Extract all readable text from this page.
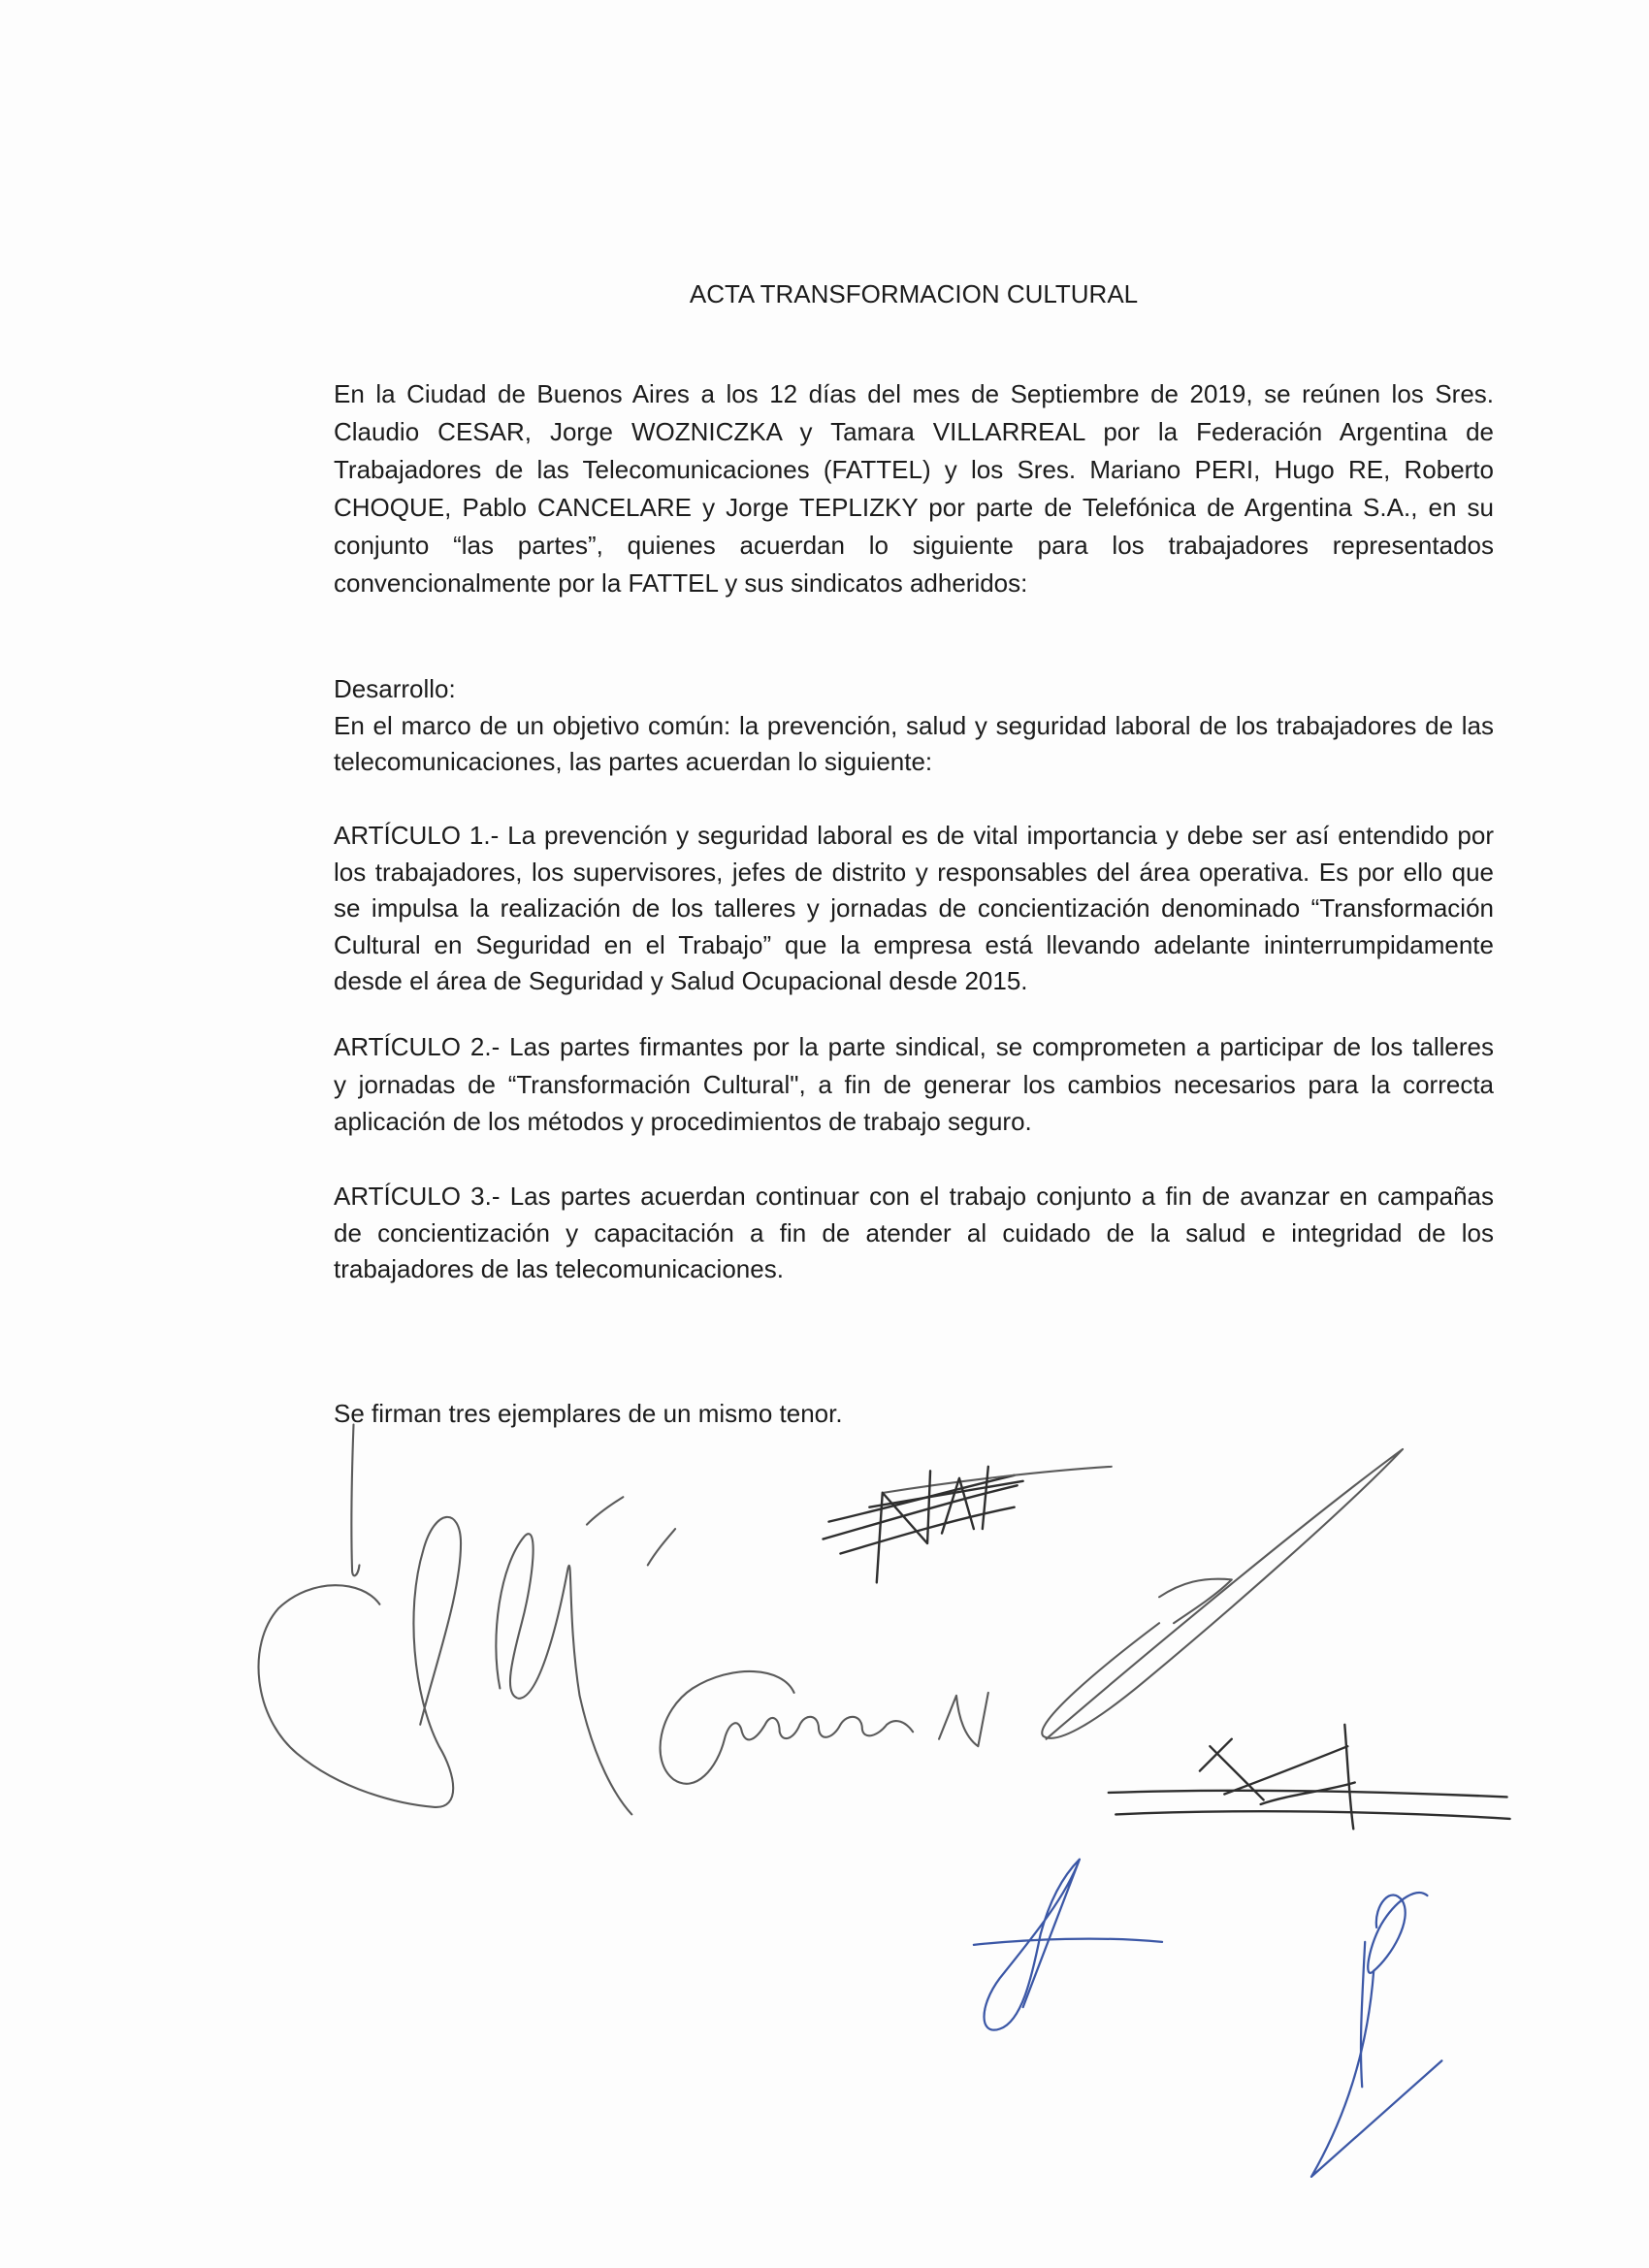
ACTA TRANSFORMACION CULTURAL
En la Ciudad de Buenos Aires a los 12 días del mes de Septiembre de 2019, se reúnen los Sres.
Claudio CESAR, Jorge WOZNICZKA y Tamara VILLARREAL por la Federación Argentina de
Trabajadores de las Telecomunicaciones (FATTEL) y los Sres. Mariano PERI, Hugo RE, Roberto
CHOQUE, Pablo CANCELARE y Jorge TEPLIZKY por parte de Telefónica de Argentina S.A., en su
conjunto “las partes”, quienes acuerdan lo siguiente para los trabajadores representados
convencionalmente por la FATTEL y sus sindicatos adheridos:
Desarrollo:
En el marco de un objetivo común: la prevención, salud y seguridad laboral de los trabajadores de las
telecomunicaciones, las partes acuerdan lo siguiente:
ARTÍCULO 1.- La prevención y seguridad laboral es de vital importancia y debe ser así entendido por
los trabajadores, los supervisores, jefes de distrito y responsables del área operativa. Es por ello que
se impulsa la realización de los talleres y jornadas de concientización denominado “Transformación
Cultural en Seguridad en el Trabajo” que la empresa está llevando adelante ininterrumpidamente
desde el área de Seguridad y Salud Ocupacional desde 2015.
ARTÍCULO 2.- Las partes firmantes por la parte sindical, se comprometen a participar de los talleres
y jornadas de “Transformación Cultural", a fin de generar los cambios necesarios para la correcta
aplicación de los métodos y procedimientos de trabajo seguro.
ARTÍCULO 3.- Las partes acuerdan continuar con el trabajo conjunto a fin de avanzar en campañas
de concientización y capacitación a fin de atender al cuidado de la salud e integridad de los
trabajadores de las telecomunicaciones.
Se firman tres ejemplares de un mismo tenor.
